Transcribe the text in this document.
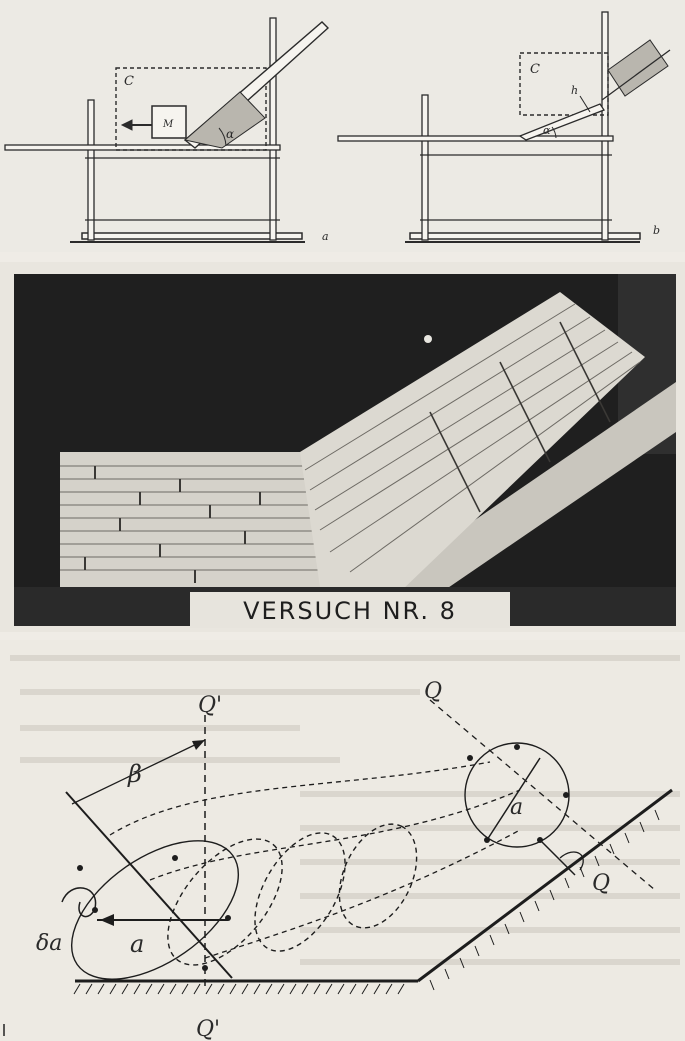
C
M
α
a
C
h
α
b
VERSUCH NR. 8
Q'
Q'
Q
Q
β
a
a
δa
